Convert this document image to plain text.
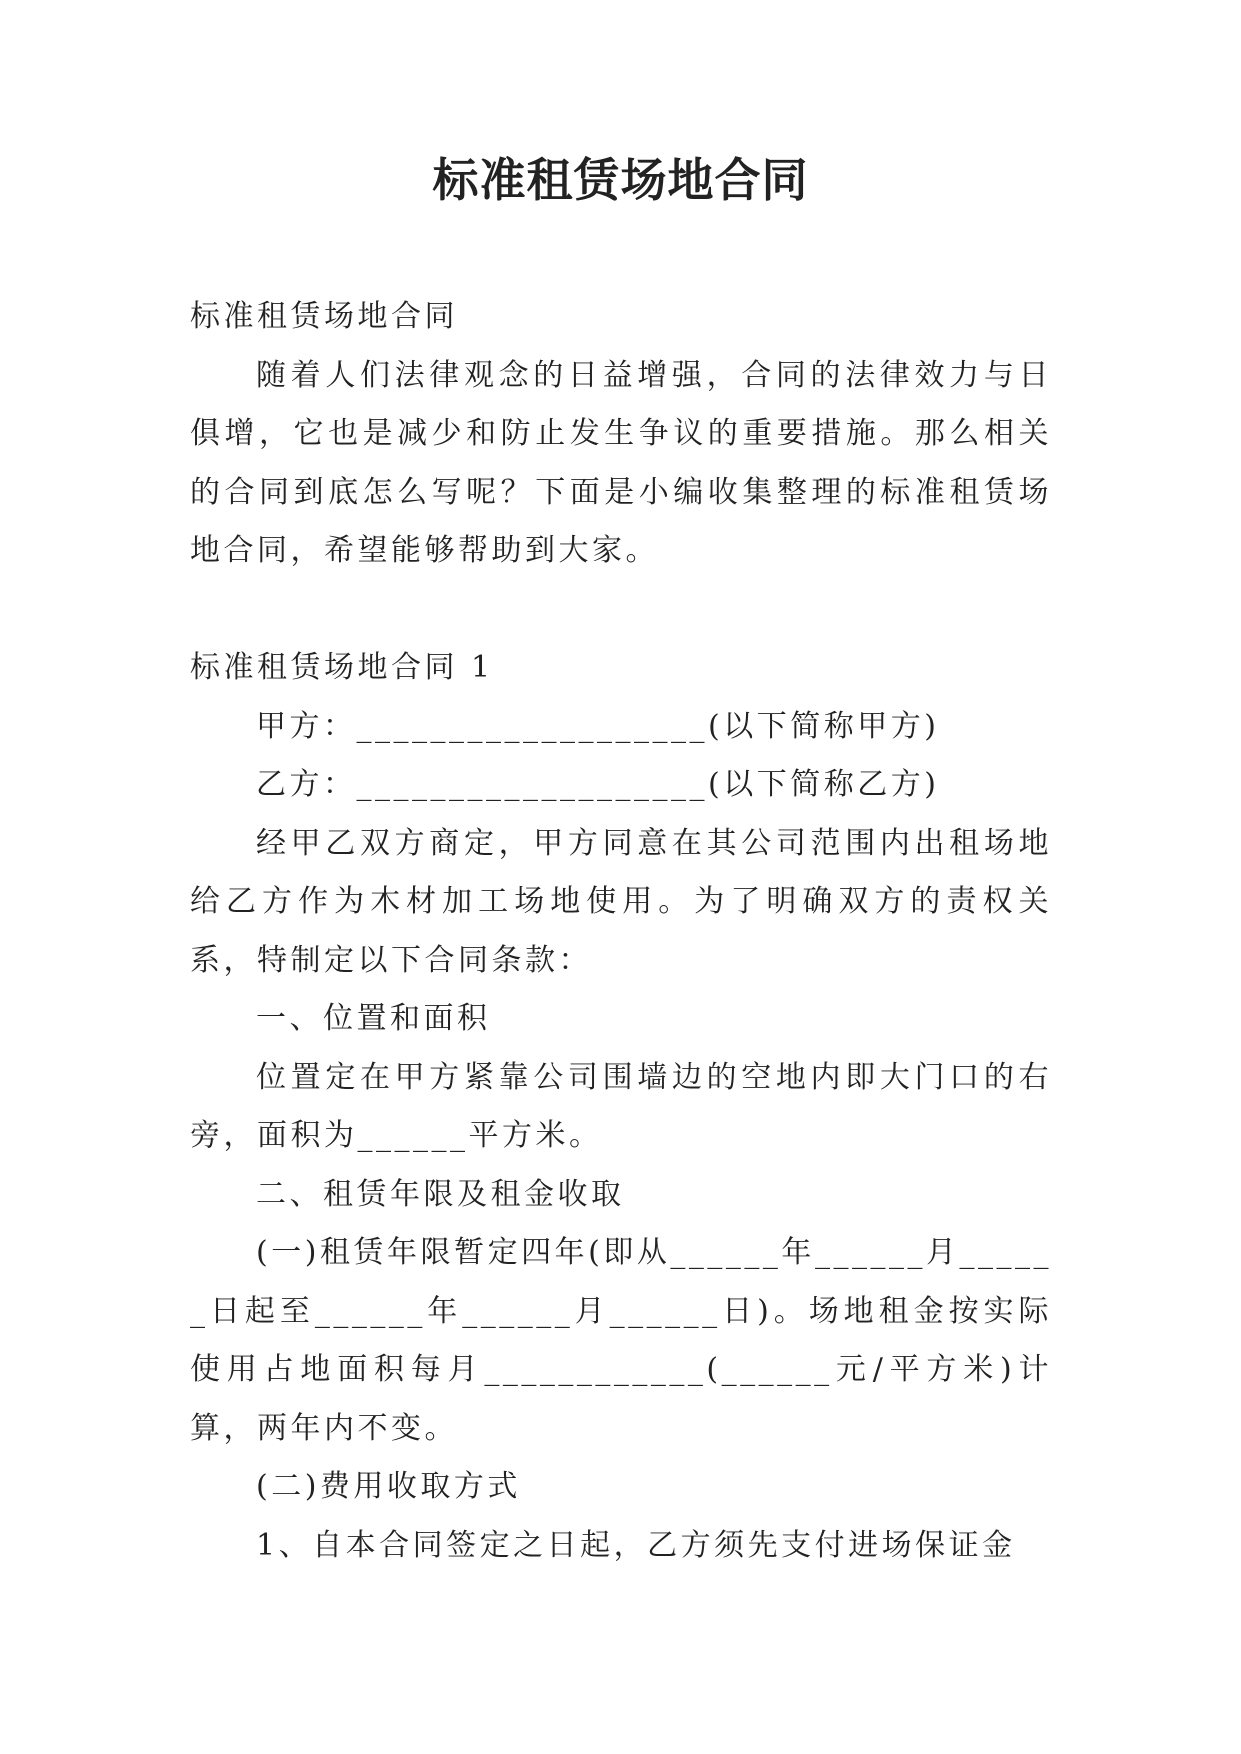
标准租赁场地合同

标准租赁场地合同

随着人们法律观念的日益增强，合同的法律效力与日俱增，它也是减少和防止发生争议的重要措施。那么相关的合同到底怎么写呢？下面是小编收集整理的标准租赁场地合同，希望能够帮助到大家。

标准租赁场地合同 1

甲方：___________________(以下简称甲方)

乙方：___________________(以下简称乙方)

经甲乙双方商定，甲方同意在其公司范围内出租场地给乙方作为木材加工场地使用。为了明确双方的责权关系，特制定以下合同条款：

一、位置和面积

位置定在甲方紧靠公司围墙边的空地内即大门口的右旁，面积为______平方米。

二、租赁年限及租金收取

(一)租赁年限暂定四年(即从______年______月______日起至______年______月______日)。场地租金按实际使用占地面积每月____________(______元/平方米)计算，两年内不变。

(二)费用收取方式

1、自本合同签定之日起，乙方须先支付进场保证金
